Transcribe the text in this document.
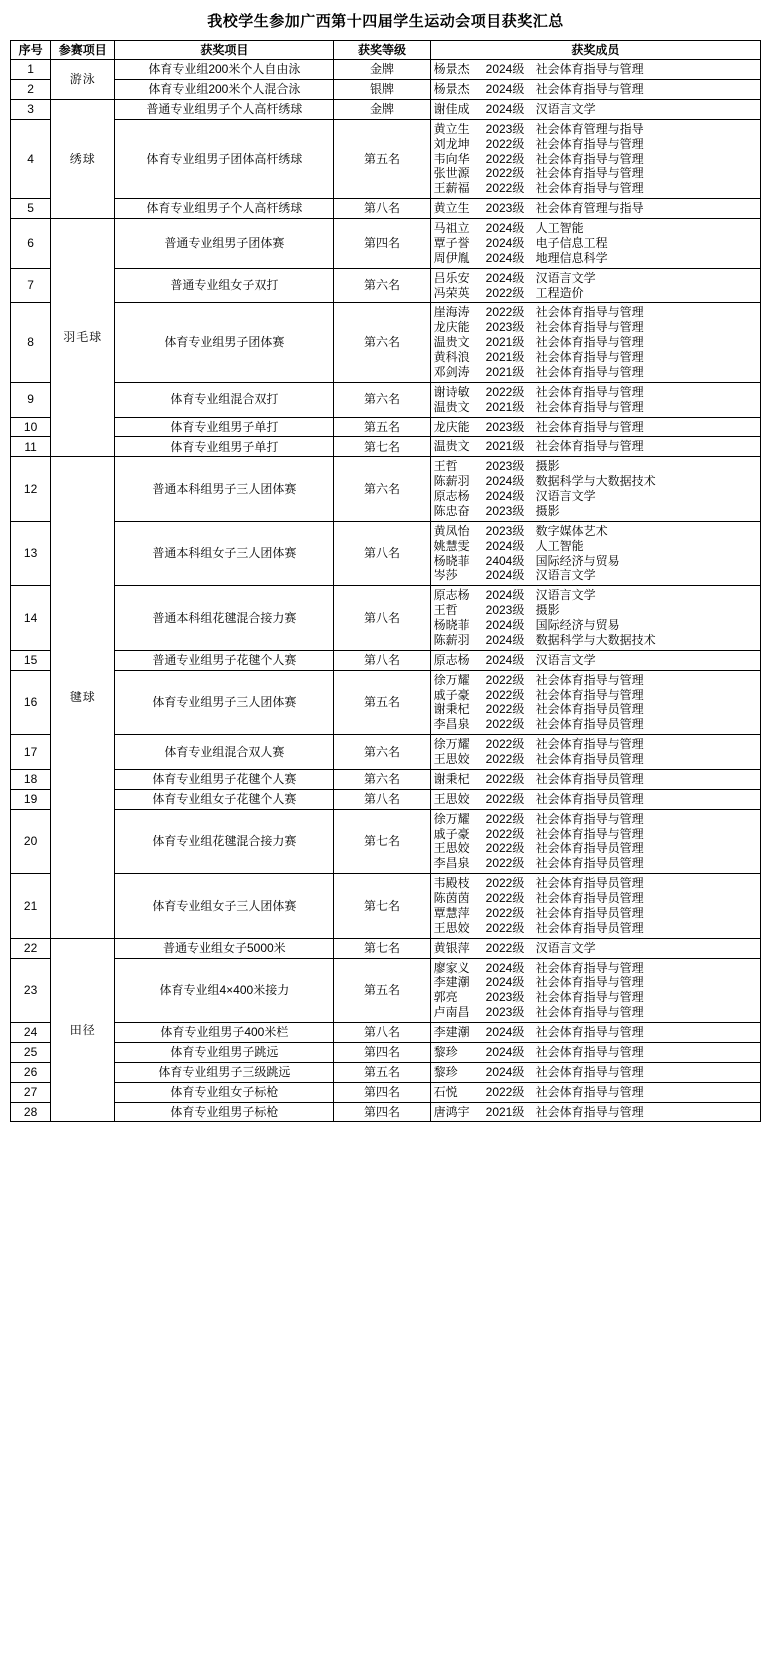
我校学生参加广西第十四届学生运动会项目获奖汇总
序号	参赛项目	获奖项目	获奖等级	获奖成员
1	游泳	体育专业组200米个人自由泳	金牌	杨景杰 2024级 社会体育指导与管理

2		体育专业组200米个人混合泳	银牌	杨景杰 2024级 社会体育指导与管理

3	绣球	普通专业组男子个人高杆绣球	金牌	谢佳成 2024级 汉语言文学

4		体育专业组男子团体高杆绣球	第五名	黄立生 2023级 社会体育管理与指导
刘龙坤 2022级 社会体育指导与管理
韦向华 2022级 社会体育指导与管理
张世源 2022级 社会体育指导与管理
王薪福 2022级 社会体育指导与管理

5		体育专业组男子个人高杆绣球	第八名	黄立生 2023级 社会体育管理与指导

6	羽毛球	普通专业组男子团体赛	第四名	马祖立 2024级 人工智能
覃子誉 2024级 电子信息工程
周伊胤 2024级 地理信息科学

7		普通专业组女子双打	第六名	吕乐安 2024级 汉语言文学
冯荣英 2022级 工程造价

8		体育专业组男子团体赛	第六名	崖海涛 2022级 社会体育指导与管理
龙庆能 2023级 社会体育指导与管理
温贵文 2021级 社会体育指导与管理
黄科浪 2021级 社会体育指导与管理
邓剑涛 2021级 社会体育指导与管理

9		体育专业组混合双打	第六名	谢诗敏 2022级 社会体育指导与管理
温贵文 2021级 社会体育指导与管理

10		体育专业组男子单打	第五名	龙庆能 2023级 社会体育指导与管理

11		体育专业组男子单打	第七名	温贵文 2021级 社会体育指导与管理

12	毽球	普通本科组男子三人团体赛	第六名	王哲 2023级 摄影
陈薪羽 2024级 数据科学与大数据技术
原志杨 2024级 汉语言文学
陈忠奋 2023级 摄影

13		普通本科组女子三人团体赛	第八名	黄凤怡 2023级 数字媒体艺术
姚慧雯 2024级 人工智能
杨晓菲 2404级 国际经济与贸易
岑莎 2024级 汉语言文学

14		普通本科组花毽混合接力赛	第八名	原志杨 2024级 汉语言文学
王哲 2023级 摄影
杨晓菲 2024级 国际经济与贸易
陈薪羽 2024级 数据科学与大数据技术

15		普通专业组男子花毽个人赛	第八名	原志杨 2024级 汉语言文学

16		体育专业组男子三人团体赛	第五名	徐万耀 2022级 社会体育指导与管理
戚子豪 2022级 社会体育指导与管理
谢秉杞 2022级 社会体育指导员管理
李昌泉 2022级 社会体育指导员管理

17		体育专业组混合双人赛	第六名	徐万耀 2022级 社会体育指导与管理
王思姣 2022级 社会体育指导员管理

18		体育专业组男子花毽个人赛	第六名	谢秉杞 2022级 社会体育指导员管理

19		体育专业组女子花毽个人赛	第八名	王思姣 2022级 社会体育指导员管理

20		体育专业组花毽混合接力赛	第七名	徐万耀 2022级 社会体育指导与管理
戚子豪 2022级 社会体育指导与管理
王思姣 2022级 社会体育指导员管理
李昌泉 2022级 社会体育指导员管理

21		体育专业组女子三人团体赛	第七名	韦殿枝 2022级 社会体育指导员管理
陈茵茵 2022级 社会体育指导员管理
覃慧萍 2022级 社会体育指导员管理
王思姣 2022级 社会体育指导员管理

22	田径	普通专业组女子5000米	第七名	黄银萍 2022级 汉语言文学

23		体育专业组4×400米接力	第五名	廖家义 2024级 社会体育指导与管理
李建潮 2024级 社会体育指导与管理
郭亮 2023级 社会体育指导与管理
卢南昌 2023级 社会体育指导与管理

24		体育专业组男子400米栏	第八名	李建潮 2024级 社会体育指导与管理

25		体育专业组男子跳远	第四名	黎珍 2024级 社会体育指导与管理

26		体育专业组男子三级跳远	第五名	黎珍 2024级 社会体育指导与管理

27		体育专业组女子标枪	第四名	石悦 2022级 社会体育指导与管理

28		体育专业组男子标枪	第四名	唐鸿宇 2021级 社会体育指导与管理
